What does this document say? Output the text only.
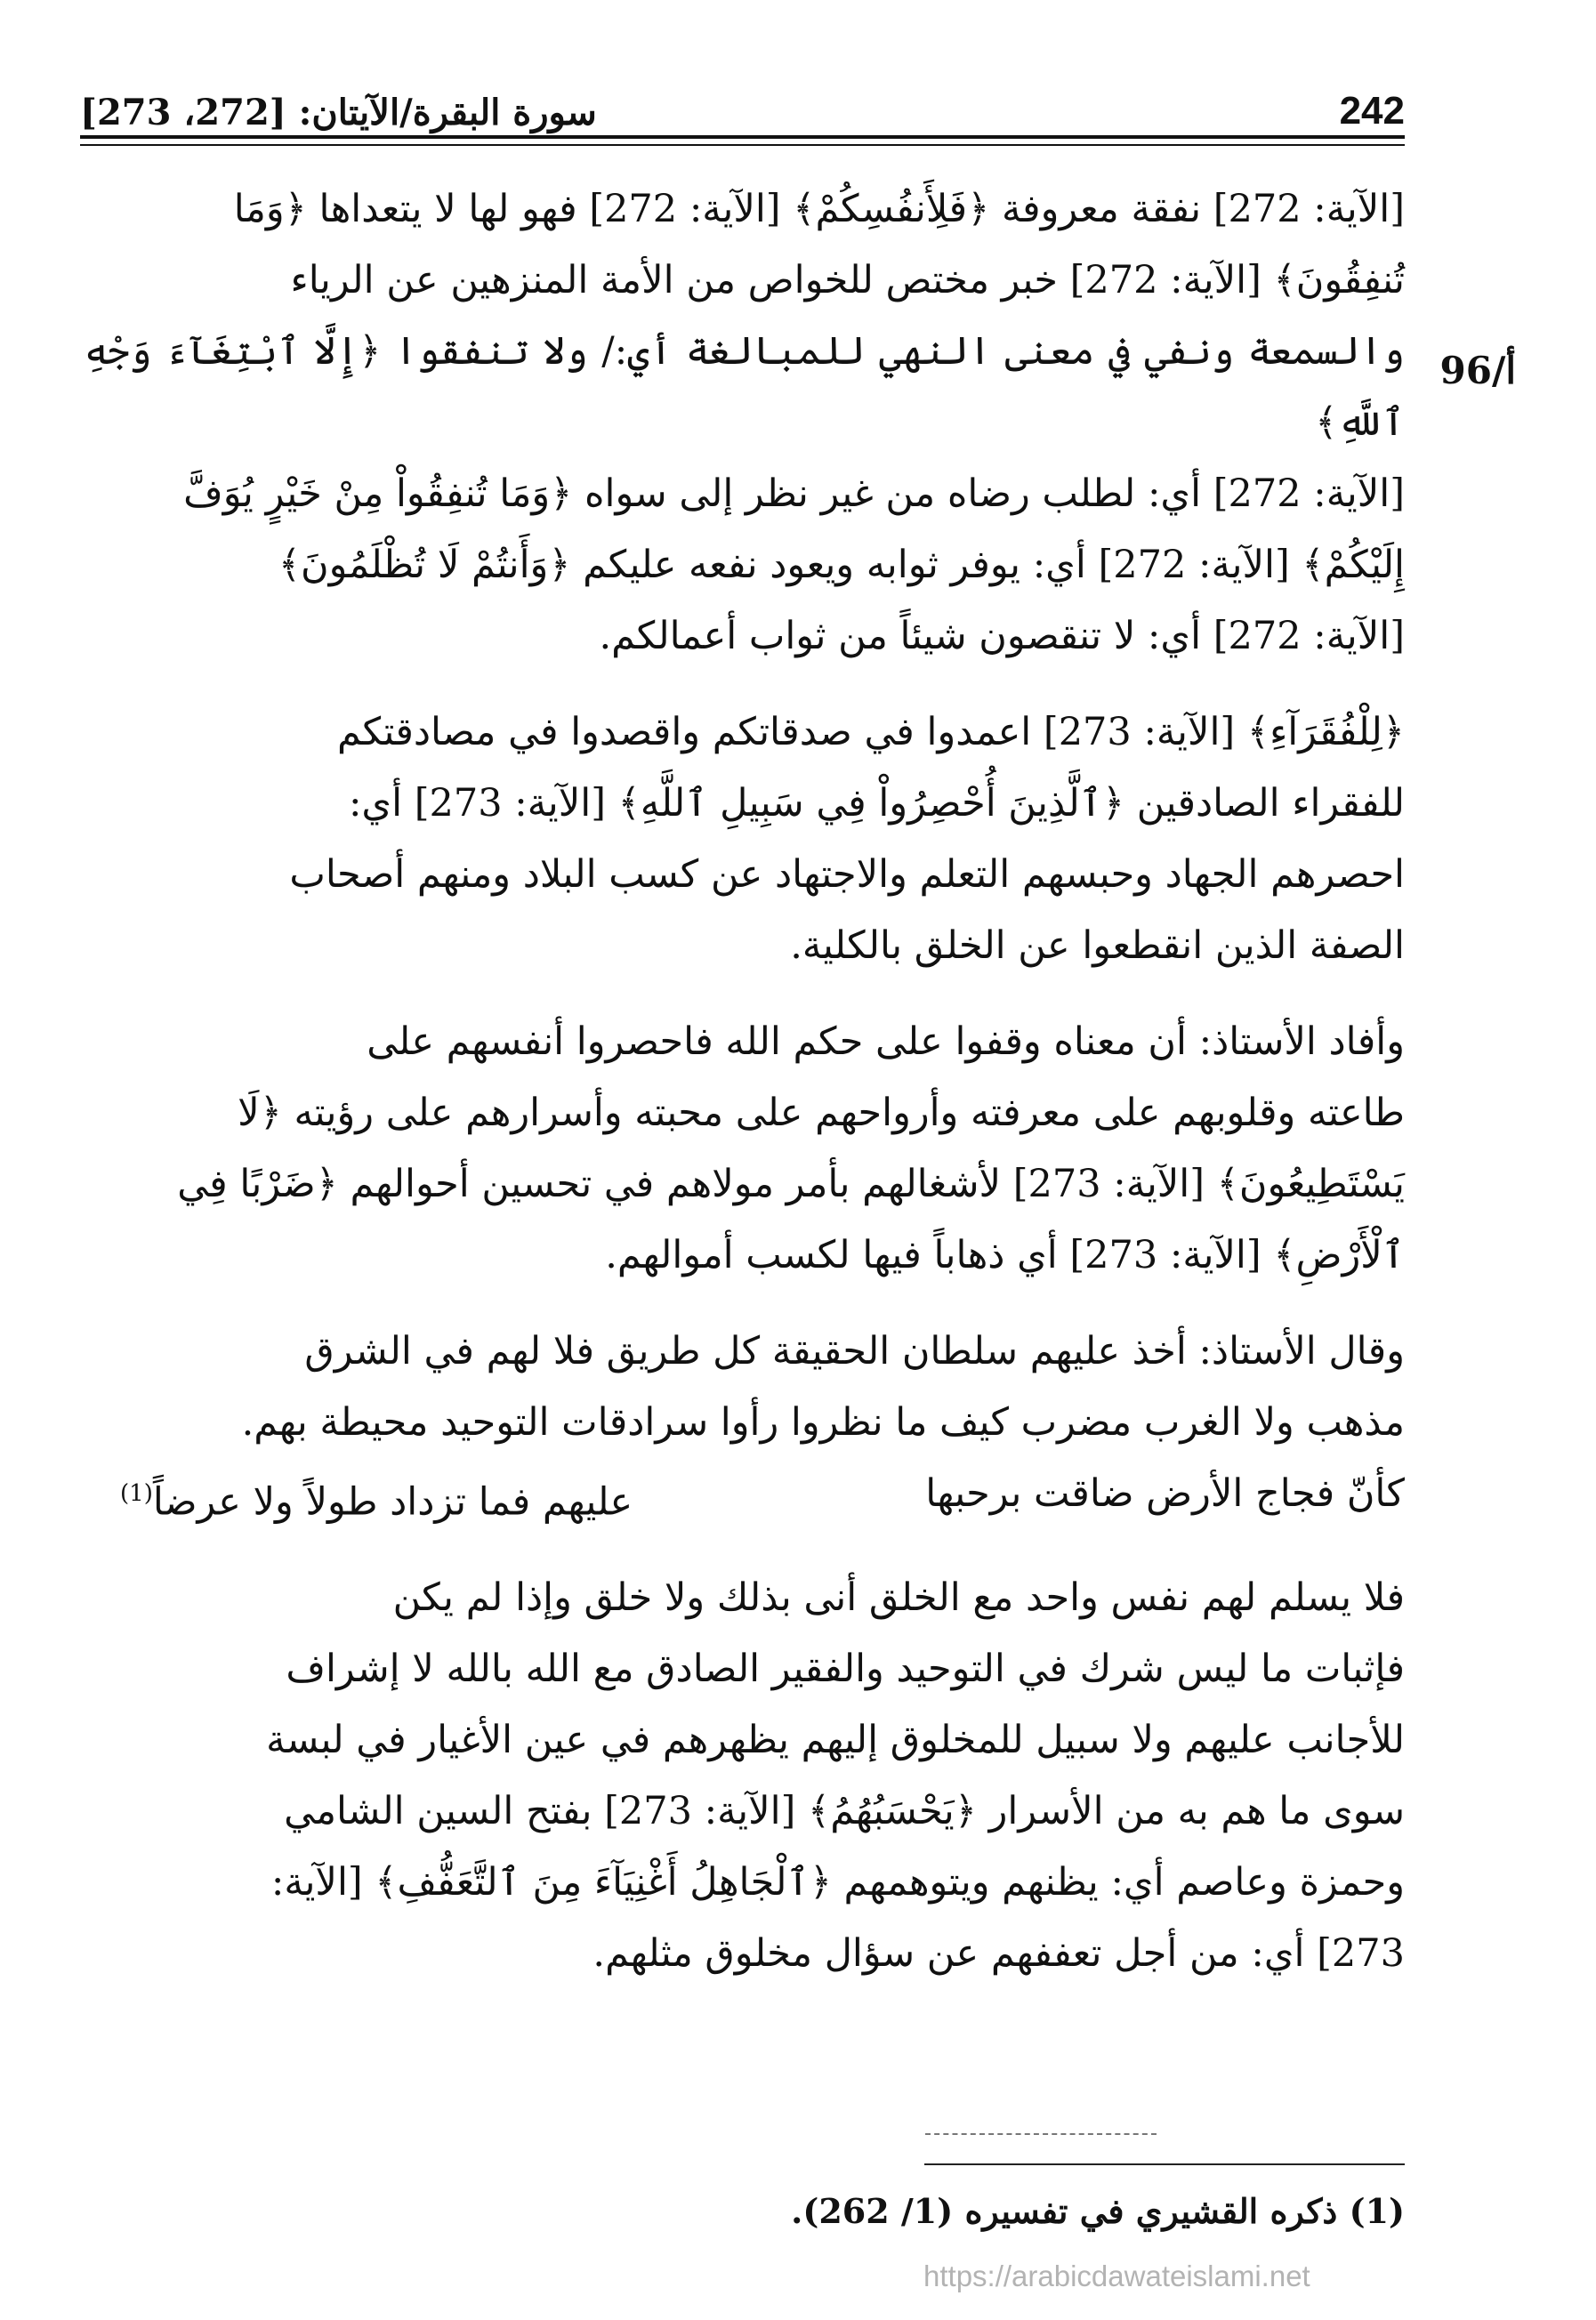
242
سورة البقرة/الآيتان: [272، 273]
96/أ
[الآية: 272] نفقة معروفة ﴿فَلِأَنفُسِكُمْ﴾ [الآية: 272] فهو لها لا يتعداها ﴿وَمَا
تُنفِقُونَ﴾ [الآية: 272] خبر مختص للخواص من الأمة المنزهين عن الرياء
والسمعة ونفي في معنى النهي للمبالغة أي:/ ولا تنفقوا ﴿إِلَّا ٱبْتِغَآءَ وَجْهِ ٱللَّهِ﴾
[الآية: 272] أي: لطلب رضاه من غير نظر إلى سواه ﴿وَمَا تُنفِقُواْ مِنْ خَيْرٍ يُوَفَّ
إِلَيْكُمْ﴾ [الآية: 272] أي: يوفر ثوابه ويعود نفعه عليكم ﴿وَأَنتُمْ لَا تُظْلَمُونَ﴾
[الآية: 272] أي: لا تنقصون شيئاً من ثواب أعمالكم.
﴿لِلْفُقَرَآءِ﴾ [الآية: 273] اعمدوا في صدقاتكم واقصدوا في مصادقتكم
للفقراء الصادقين ﴿ٱلَّذِينَ أُحْصِرُواْ فِي سَبِيلِ ٱللَّهِ﴾ [الآية: 273] أي:
احصرهم الجهاد وحبسهم التعلم والاجتهاد عن كسب البلاد ومنهم أصحاب
الصفة الذين انقطعوا عن الخلق بالكلية.
وأفاد الأستاذ: أن معناه وقفوا على حكم الله فاحصروا أنفسهم على
طاعته وقلوبهم على معرفته وأرواحهم على محبته وأسرارهم على رؤيته ﴿لَا
يَسْتَطِيعُونَ﴾ [الآية: 273] لأشغالهم بأمر مولاهم في تحسين أحوالهم ﴿ضَرْبًا فِي
ٱلْأَرْضِ﴾ [الآية: 273] أي ذهاباً فيها لكسب أموالهم.
وقال الأستاذ: أخذ عليهم سلطان الحقيقة كل طريق فلا لهم في الشرق
مذهب ولا الغرب مضرب كيف ما نظروا رأوا سرادقات التوحيد محيطة بهم.
كأنّ فجاج الأرض ضاقت برحبها
عليهم فما تزداد طولاً ولا عرضاً$^{(1)}$
فلا يسلم لهم نفس واحد مع الخلق أنى بذلك ولا خلق وإذا لم يكن
فإثبات ما ليس شرك في التوحيد والفقير الصادق مع الله بالله لا إشراف
للأجانب عليهم ولا سبيل للمخلوق إليهم يظهرهم في عين الأغيار في لبسة
سوى ما هم به من الأسرار ﴿يَحْسَبُهُمُ﴾ [الآية: 273] بفتح السين الشامي
وحمزة وعاصم أي: يظنهم ويتوهمهم ﴿ٱلْجَاهِلُ أَغْنِيَآءَ مِنَ ٱلتَّعَفُّفِ﴾ [الآية:
273] أي: من أجل تعففهم عن سؤال مخلوق مثلهم.
(1) ذكره القشيري في تفسيره (1/ 262).
https://arabicdawateislami.net
